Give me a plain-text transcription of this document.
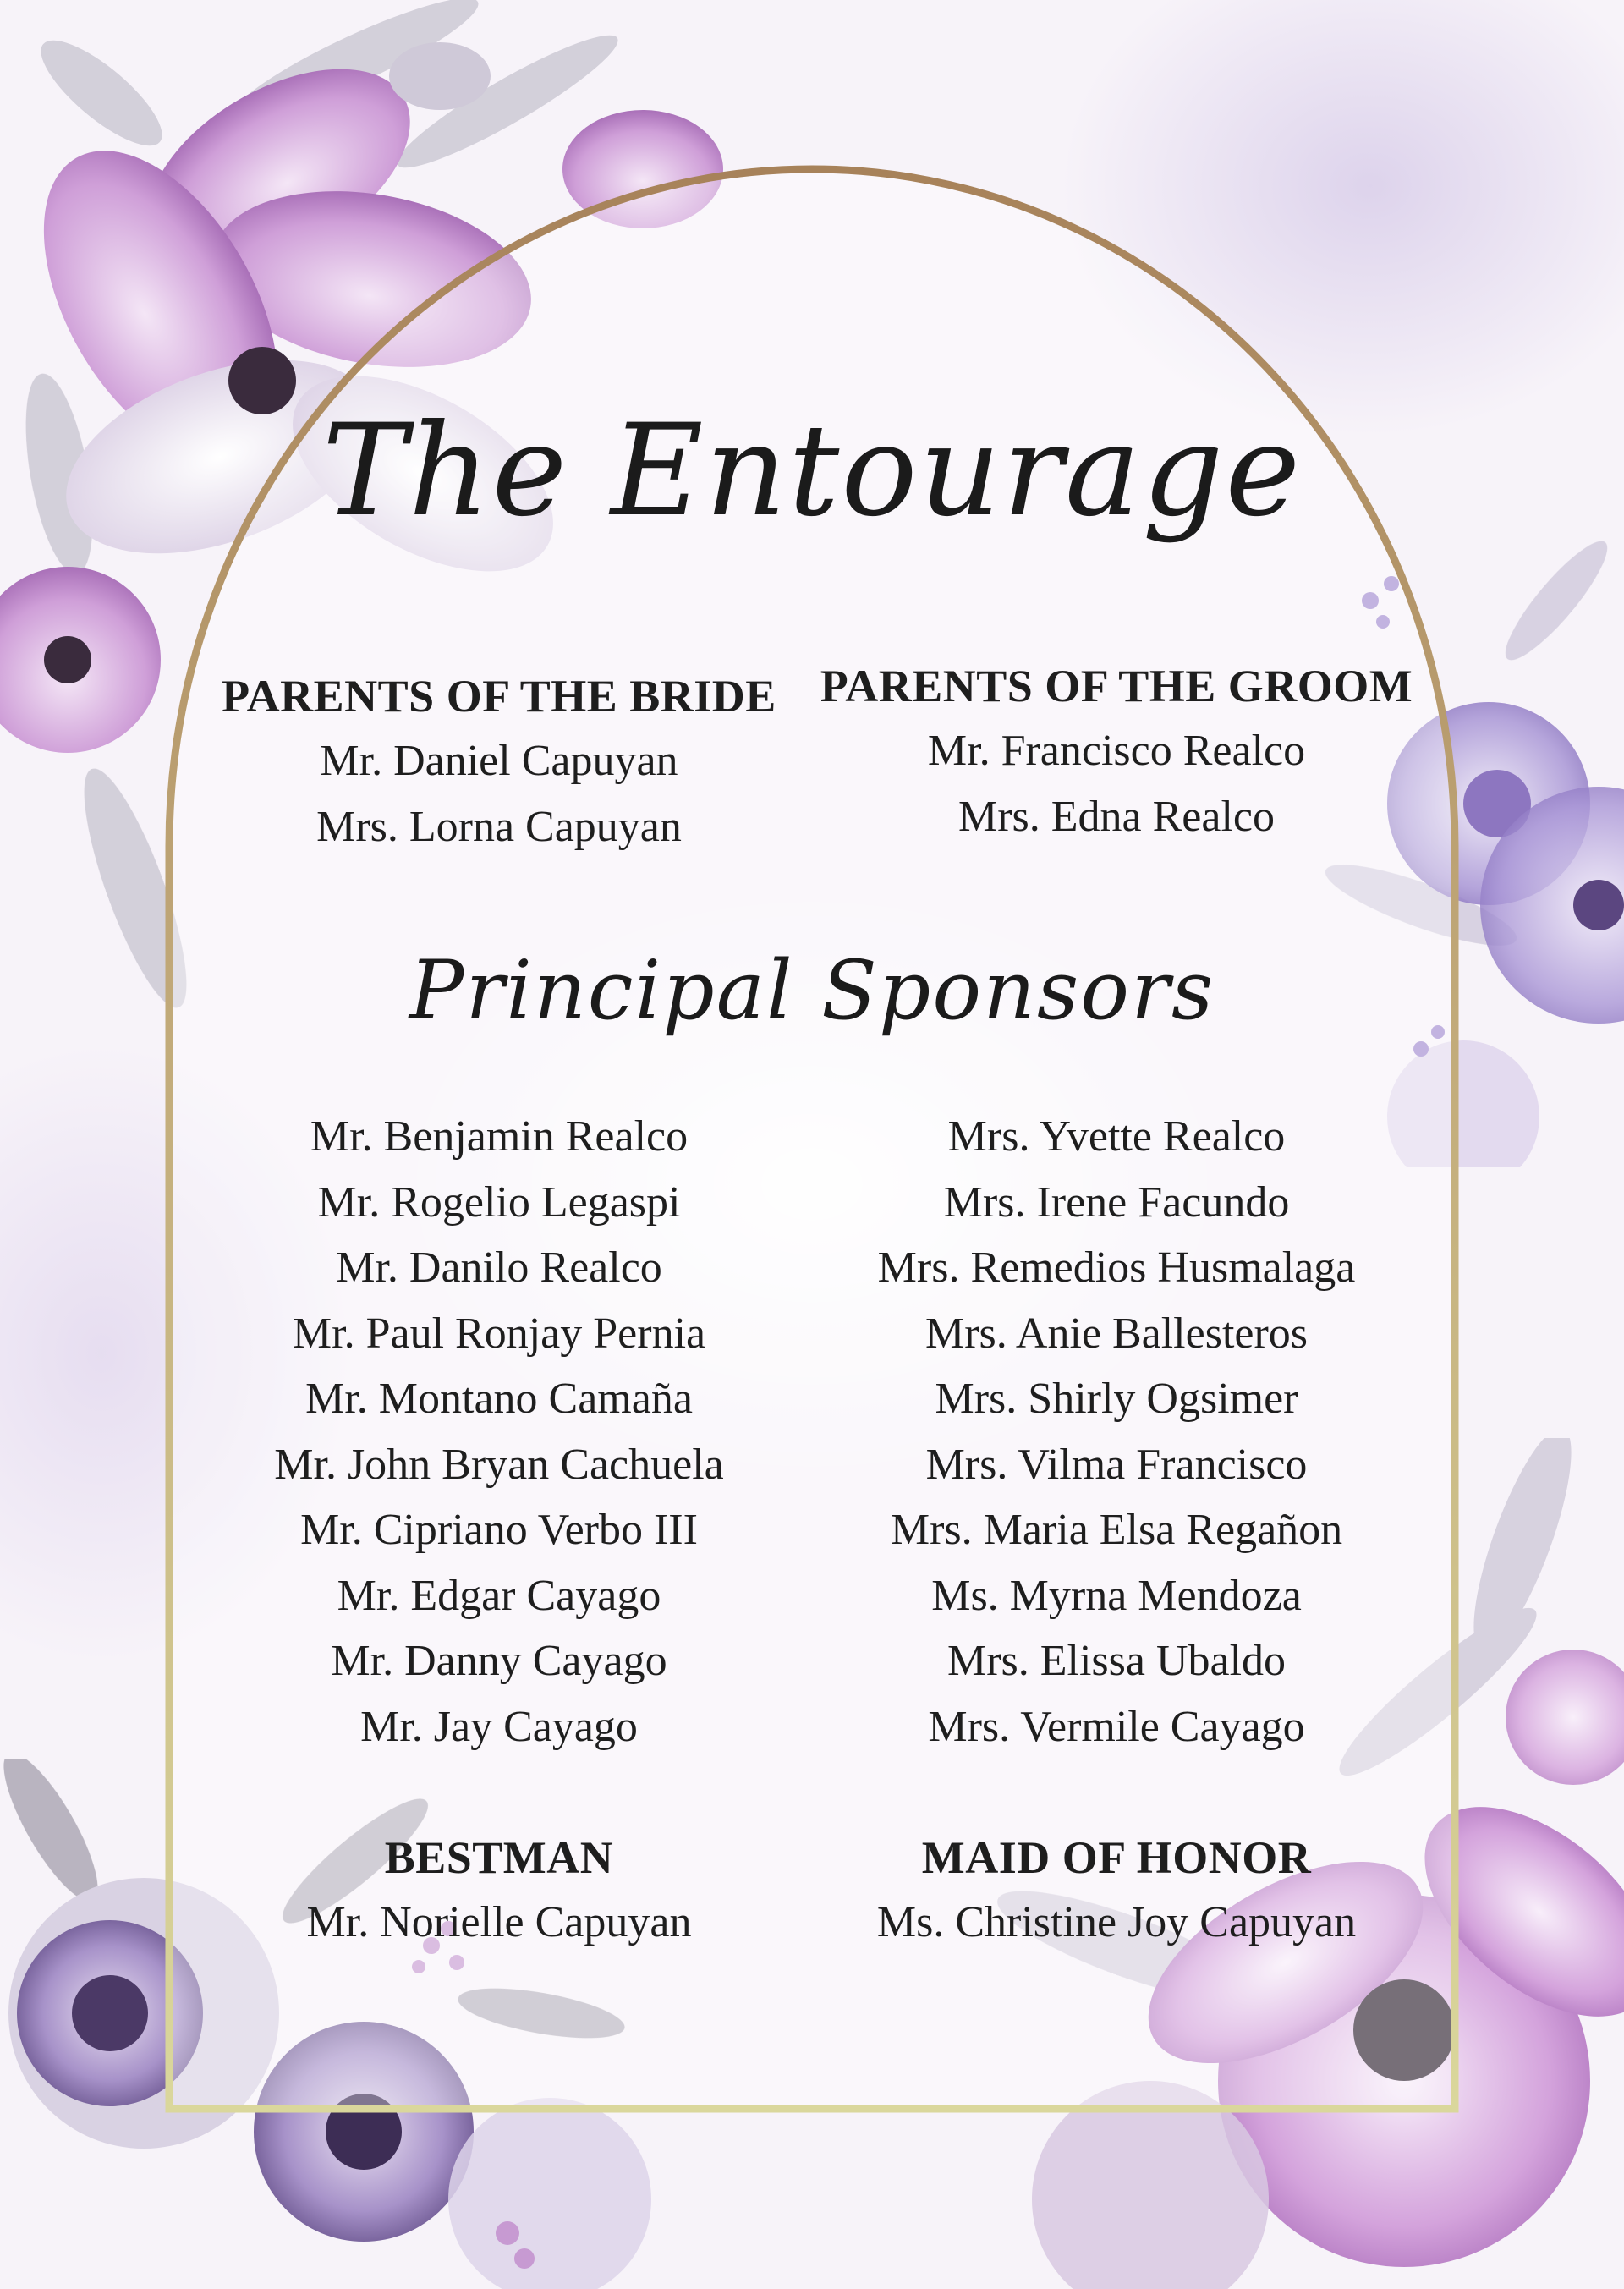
The Entourage
PARENTS OF THE BRIDE
Mr. Daniel Capuyan
Mrs. Lorna Capuyan
PARENTS OF THE GROOM
Mr. Francisco Realco
Mrs. Edna Realco
Principal Sponsors
Mr. Benjamin Realco
Mr. Rogelio Legaspi
Mr. Danilo Realco
Mr. Paul Ronjay Pernia
Mr. Montano Camaña
Mr. John Bryan Cachuela
Mr. Cipriano Verbo III
Mr. Edgar Cayago
Mr. Danny Cayago
Mr. Jay Cayago
Mrs. Yvette Realco
Mrs. Irene Facundo
Mrs. Remedios Husmalaga
Mrs. Anie Ballesteros
Mrs. Shirly Ogsimer
Mrs. Vilma Francisco
Mrs. Maria Elsa Regañon
Ms. Myrna Mendoza
Mrs. Elissa Ubaldo
Mrs. Vermile Cayago
BESTMAN
Mr. Norielle Capuyan
MAID OF HONOR
Ms. Christine Joy Capuyan
